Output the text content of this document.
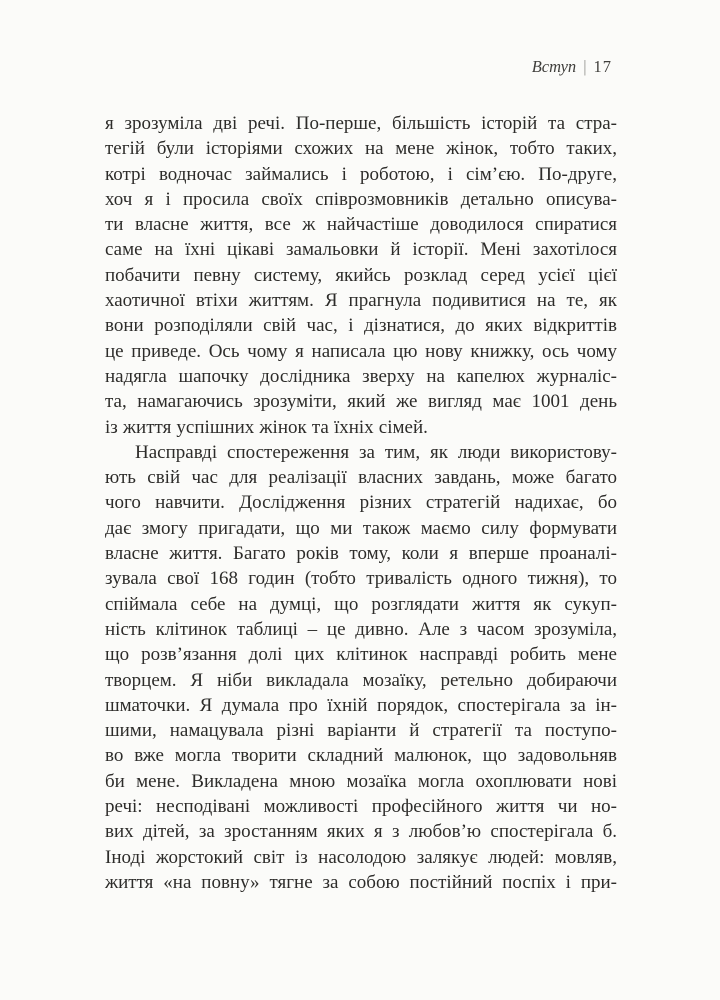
Вступ | 17
я зрозуміла дві речі. По-перше, більшість історій та стра-
тегій були історіями схожих на мене жінок, тобто таких,
котрі водночас займались і роботою, і сім’єю. По-друге,
хоч я і просила своїх співрозмовників детально описува-
ти власне життя, все ж найчастіше доводилося спиратися
саме на їхні цікаві замальовки й історії. Мені захотілося
побачити певну систему, якийсь розклад серед усієї цієї
хаотичної втіхи життям. Я прагнула подивитися на те, як
вони розподіляли свій час, і дізнатися, до яких відкриттів
це приведе. Ось чому я написала цю нову книжку, ось чому
надягла шапочку дослідника зверху на капелюх журналіс-
та, намагаючись зрозуміти, який же вигляд має 1001 день
із життя успішних жінок та їхніх сімей.
Насправді спостереження за тим, як люди використову-
ють свій час для реалізації власних завдань, може багато
чого навчити. Дослідження різних стратегій надихає, бо
дає змогу пригадати, що ми також маємо силу формувати
власне життя. Багато років тому, коли я вперше проаналі-
зувала свої 168 годин (тобто тривалість одного тижня), то
спіймала себе на думці, що розглядати життя як сукуп-
ність клітинок таблиці – це дивно. Але з часом зрозуміла,
що розв’язання долі цих клітинок насправді робить мене
творцем. Я ніби викладала мозаїку, ретельно добираючи
шматочки. Я думала про їхній порядок, спостерігала за ін-
шими, намацувала різні варіанти й стратегії та поступо-
во вже могла творити складний малюнок, що задовольняв
би мене. Викладена мною мозаїка могла охоплювати нові
речі: несподівані можливості професійного життя чи но-
вих дітей, за зростанням яких я з любов’ю спостерігала б.
Іноді жорстокий світ із насолодою залякує людей: мовляв,
життя «на повну» тягне за собою постійний поспіх і при-
